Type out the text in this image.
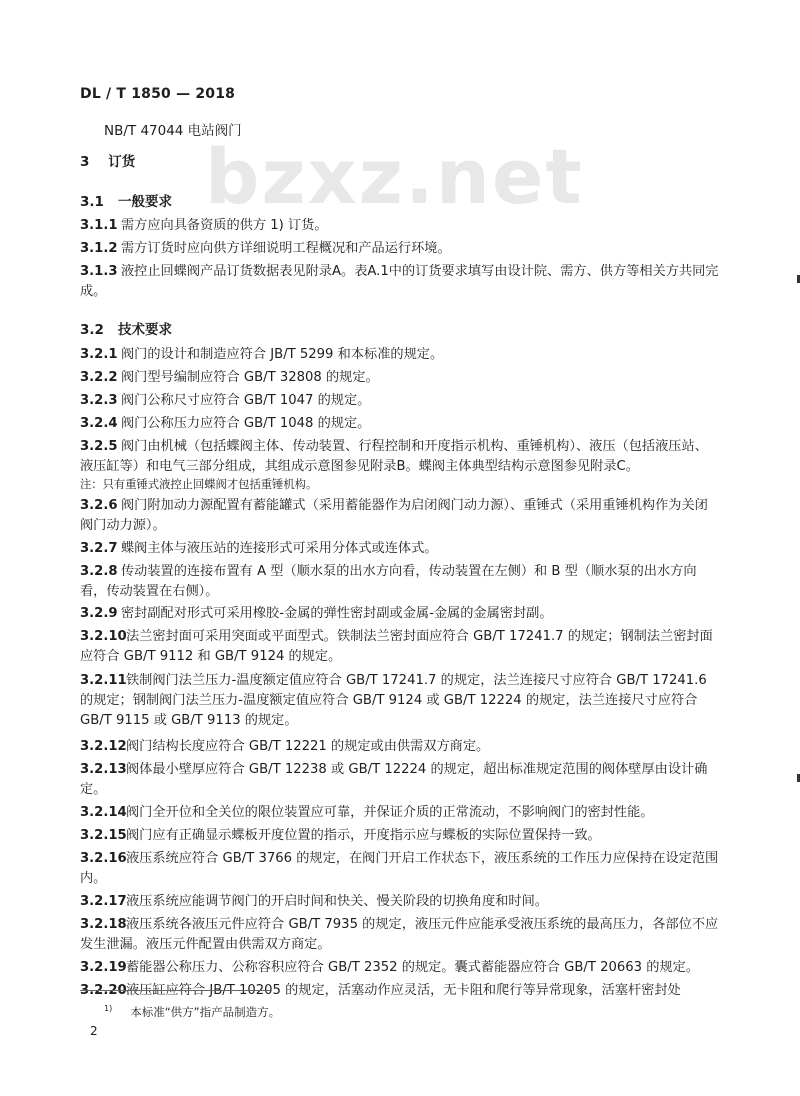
bzxz.net
DL / T 1850 — 2018
NB/T 47044 电站阀门
3 订货
3.1 一般要求
3.1.1 需方应向具备资质的供方 1) 订货。
3.1.2 需方订货时应向供方详细说明工程概况和产品运行环境。
3.1.3 液控止回蝶阀产品订货数据表见附录A。表A.1中的订货要求填写由设计院、需方、供方等相关方共同完成。
3.2 技术要求
3.2.1 阀门的设计和制造应符合 JB/T 5299 和本标准的规定。
3.2.2 阀门型号编制应符合 GB/T 32808 的规定。
3.2.3 阀门公称尺寸应符合 GB/T 1047 的规定。
3.2.4 阀门公称压力应符合 GB/T 1048 的规定。
3.2.5 阀门由机械（包括蝶阀主体、传动装置、行程控制和开度指示机构、重锤机构）、液压（包括液压站、液压缸等）和电气三部分组成，其组成示意图参见附录B。蝶阀主体典型结构示意图参见附录C。
注：只有重锤式液控止回蝶阀才包括重锤机构。
3.2.6 阀门附加动力源配置有蓄能罐式（采用蓄能器作为启闭阀门动力源）、重锤式（采用重锤机构作为关闭阀门动力源）。
3.2.7 蝶阀主体与液压站的连接形式可采用分体式或连体式。
3.2.8 传动装置的连接布置有 A 型（顺水泵的出水方向看，传动装置在左侧）和 B 型（顺水泵的出水方向看，传动装置在右侧）。
3.2.9 密封副配对形式可采用橡胶-金属的弹性密封副或金属-金属的金属密封副。
3.2.10法兰密封面可采用突面或平面型式。铁制法兰密封面应符合 GB/T 17241.7 的规定；钢制法兰密封面应符合 GB/T 9112 和 GB/T 9124 的规定。
3.2.11铁制阀门法兰压力-温度额定值应符合 GB/T 17241.7 的规定，法兰连接尺寸应符合 GB/T 17241.6 的规定；钢制阀门法兰压力-温度额定值应符合 GB/T 9124 或 GB/T 12224 的规定，法兰连接尺寸应符合 GB/T 9115 或 GB/T 9113 的规定。
3.2.12阀门结构长度应符合 GB/T 12221 的规定或由供需双方商定。
3.2.13阀体最小壁厚应符合 GB/T 12238 或 GB/T 12224 的规定，超出标准规定范围的阀体壁厚由设计确定。
3.2.14阀门全开位和全关位的限位装置应可靠，并保证介质的正常流动，不影响阀门的密封性能。
3.2.15阀门应有正确显示蝶板开度位置的指示，开度指示应与蝶板的实际位置保持一致。
3.2.16液压系统应符合 GB/T 3766 的规定，在阀门开启工作状态下，液压系统的工作压力应保持在设定范围内。
3.2.17液压系统应能调节阀门的开启时间和快关、慢关阶段的切换角度和时间。
3.2.18液压系统各液压元件应符合 GB/T 7935 的规定，液压元件应能承受液压系统的最高压力，各部位不应发生泄漏。液压元件配置由供需双方商定。
3.2.19蓄能器公称压力、公称容积应符合 GB/T 2352 的规定。囊式蓄能器应符合 GB/T 20663 的规定。
3.2.20液压缸应符合 JB/T 10205 的规定，活塞动作应灵活，无卡阻和爬行等异常现象，活塞杆密封处
$^{1)}$ 本标准“供方”指产品制造方。
2
